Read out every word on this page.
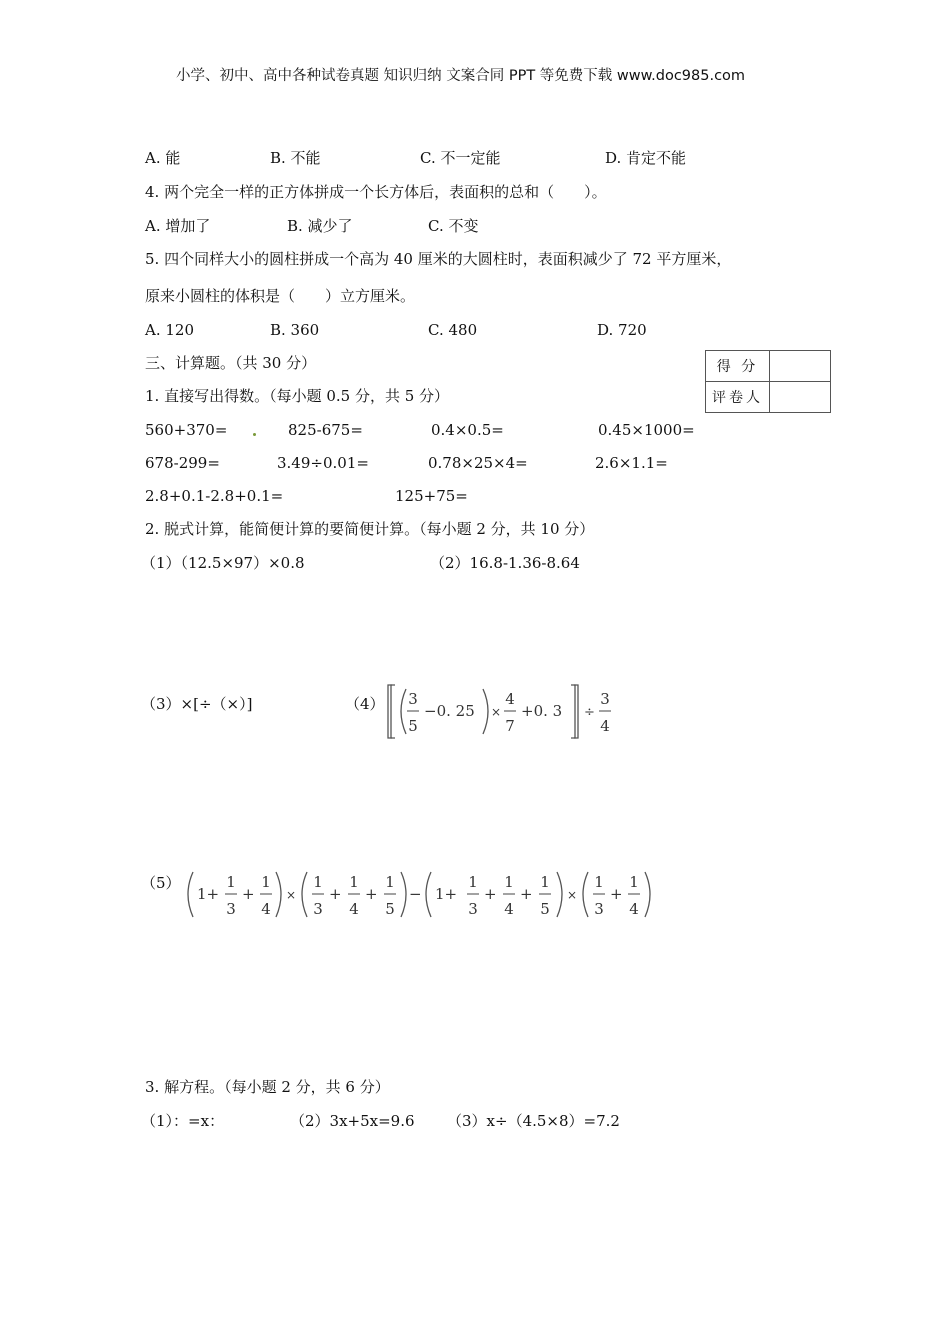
小学、初中、高中各种试卷真题 知识归纳 文案合同 PPT 等免费下载 www.doc985.com
A. 能	B. 不能	C. 不一定能	D. 肯定不能
4. 两个完全一样的正方体拼成一个长方体后，表面积的总和（　　）。
A. 增加了	B. 减少了	C. 不变
5. 四个同样大小的圆柱拼成一个高为 40 厘米的大圆柱时，表面积减少了 72 平方厘米，
原来小圆柱的体积是（　　）立方厘米。
A. 120	B. 360	C. 480	D. 720
三、计算题。（共 30 分）	得 分	
评卷人	
1. 直接写出得数。（每小题 0.5 分，共 5 分）
560+370=	825-675=	0.4×0.5=	0.45×1000=
678-299=	3.49÷0.01=	0.78×25×4=	2.6×1.1=
2.8+0.1-2.8+0.1=	125+75=
2. 脱式计算，能简便计算的要简便计算。（每小题 2 分，共 10 分）
（1）（12.5×97）×0.8	（2）16.8-1.36-8.64
（3）×[÷（×）]	（4） 3
5
−0. 25 ×
4
7
+0. 3 ÷
3
4
（5）
1+
1
3
+
1
4
×
1
3
+
1
4
+
1
5
− 1+
1
3
+
1
4
+
1
5
×
1
3
+
1
4
3. 解方程。（每小题 2 分，共 6 分）
（1）：=x：	（2）3x+5x=9.6 （3）x÷（4.5×8）=7.2
